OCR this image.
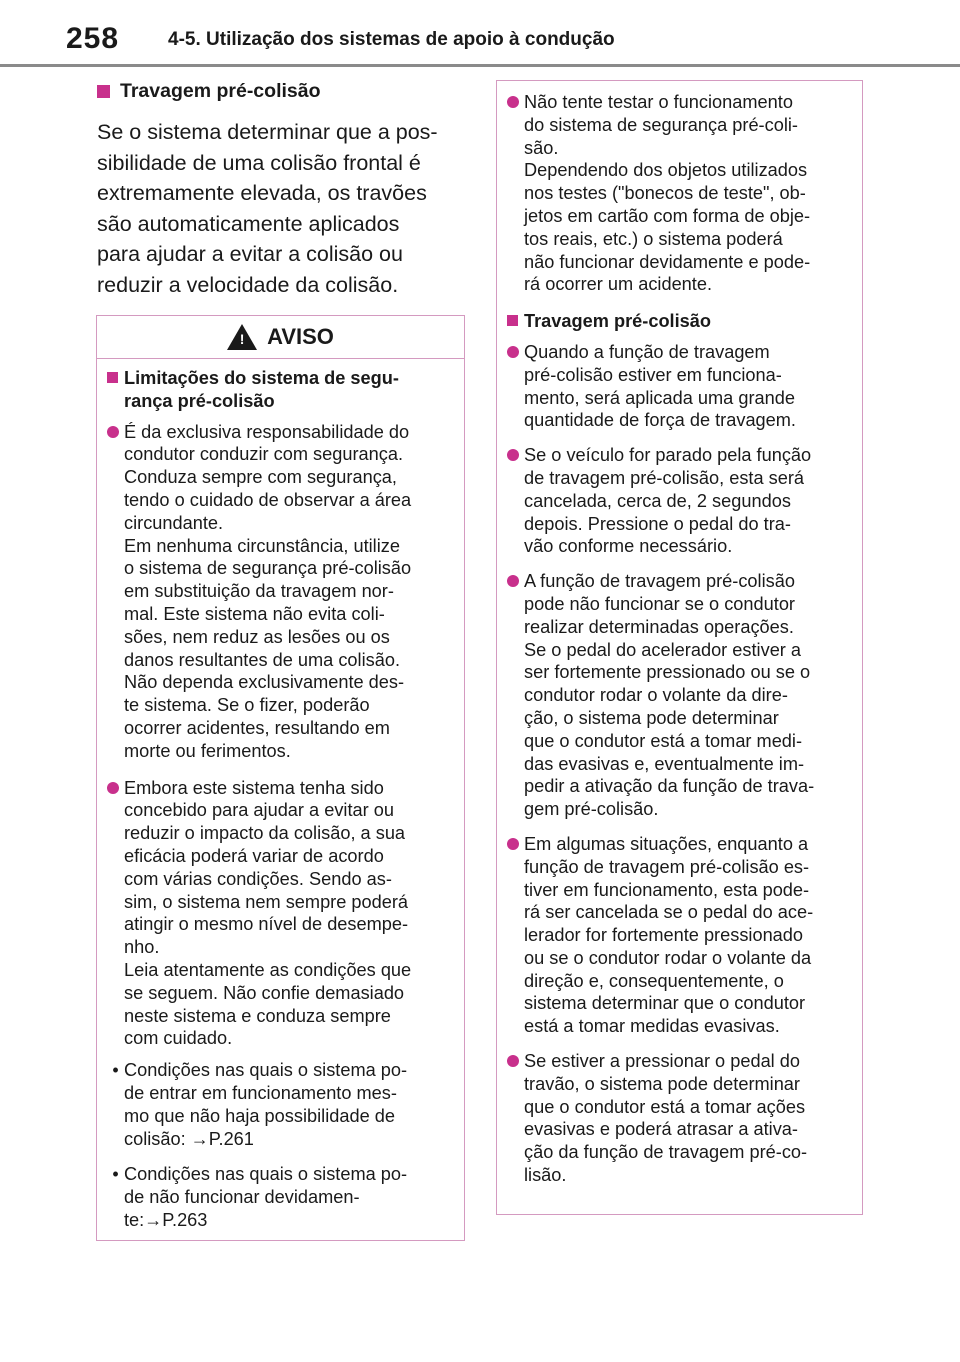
258	4-5. Utilização dos sistemas de apoio à condução
Travagem pré-colisão

Se o sistema determinar que a pos-
sibilidade de uma colisão frontal é
extremamente elevada, os travões
são automaticamente aplicados
para ajudar a evitar a colisão ou
reduzir a velocidade da colisão.

! AVISO
Limitações do sistema de segu-
rança pré-colisão
É da exclusiva responsabilidade do
condutor conduzir com segurança.
Conduza sempre com segurança,
tendo o cuidado de observar a área
circundante.
Em nenhuma circunstância, utilize
o sistema de segurança pré-colisão
em substituição da travagem nor-
mal. Este sistema não evita coli-
sões, nem reduz as lesões ou os
danos resultantes de uma colisão.
Não dependa exclusivamente des-
te sistema. Se o fizer, poderão
ocorrer acidentes, resultando em
morte ou ferimentos.
Embora este sistema tenha sido
concebido para ajudar a evitar ou
reduzir o impacto da colisão, a sua
eficácia poderá variar de acordo
com várias condições. Sendo as-
sim, o sistema nem sempre poderá
atingir o mesmo nível de desempe-
nho.
Leia atentamente as condições que
se seguem. Não confie demasiado
neste sistema e conduza sempre
com cuidado.
• Condições nas quais o sistema po-
de entrar em funcionamento mes-
mo que não haja possibilidade de
colisão: →P.261
• Condições nas quais o sistema po-
de não funcionar devidamen-
te:→P.263
Não tente testar o funcionamento
do sistema de segurança pré-coli-
são.
Dependendo dos objetos utilizados
nos testes ("bonecos de teste", ob-
jetos em cartão com forma de obje-
tos reais, etc.) o sistema poderá
não funcionar devidamente e pode-
rá ocorrer um acidente.
Travagem pré-colisão
Quando a função de travagem
pré-colisão estiver em funciona-
mento, será aplicada uma grande
quantidade de força de travagem.
Se o veículo for parado pela função
de travagem pré-colisão, esta será
cancelada, cerca de, 2 segundos
depois. Pressione o pedal do tra-
vão conforme necessário.
A função de travagem pré-colisão
pode não funcionar se o condutor
realizar determinadas operações.
Se o pedal do acelerador estiver a
ser fortemente pressionado ou se o
condutor rodar o volante da dire-
ção, o sistema pode determinar
que o condutor está a tomar medi-
das evasivas e, eventualmente im-
pedir a ativação da função de trava-
gem pré-colisão.
Em algumas situações, enquanto a
função de travagem pré-colisão es-
tiver em funcionamento, esta pode-
rá ser cancelada se o pedal do ace-
lerador for fortemente pressionado
ou se o condutor rodar o volante da
direção e, consequentemente, o
sistema determinar que o condutor
está a tomar medidas evasivas.
Se estiver a pressionar o pedal do
travão, o sistema pode determinar
que o condutor está a tomar ações
evasivas e poderá atrasar a ativa-
ção da função de travagem pré-co-
lisão.
